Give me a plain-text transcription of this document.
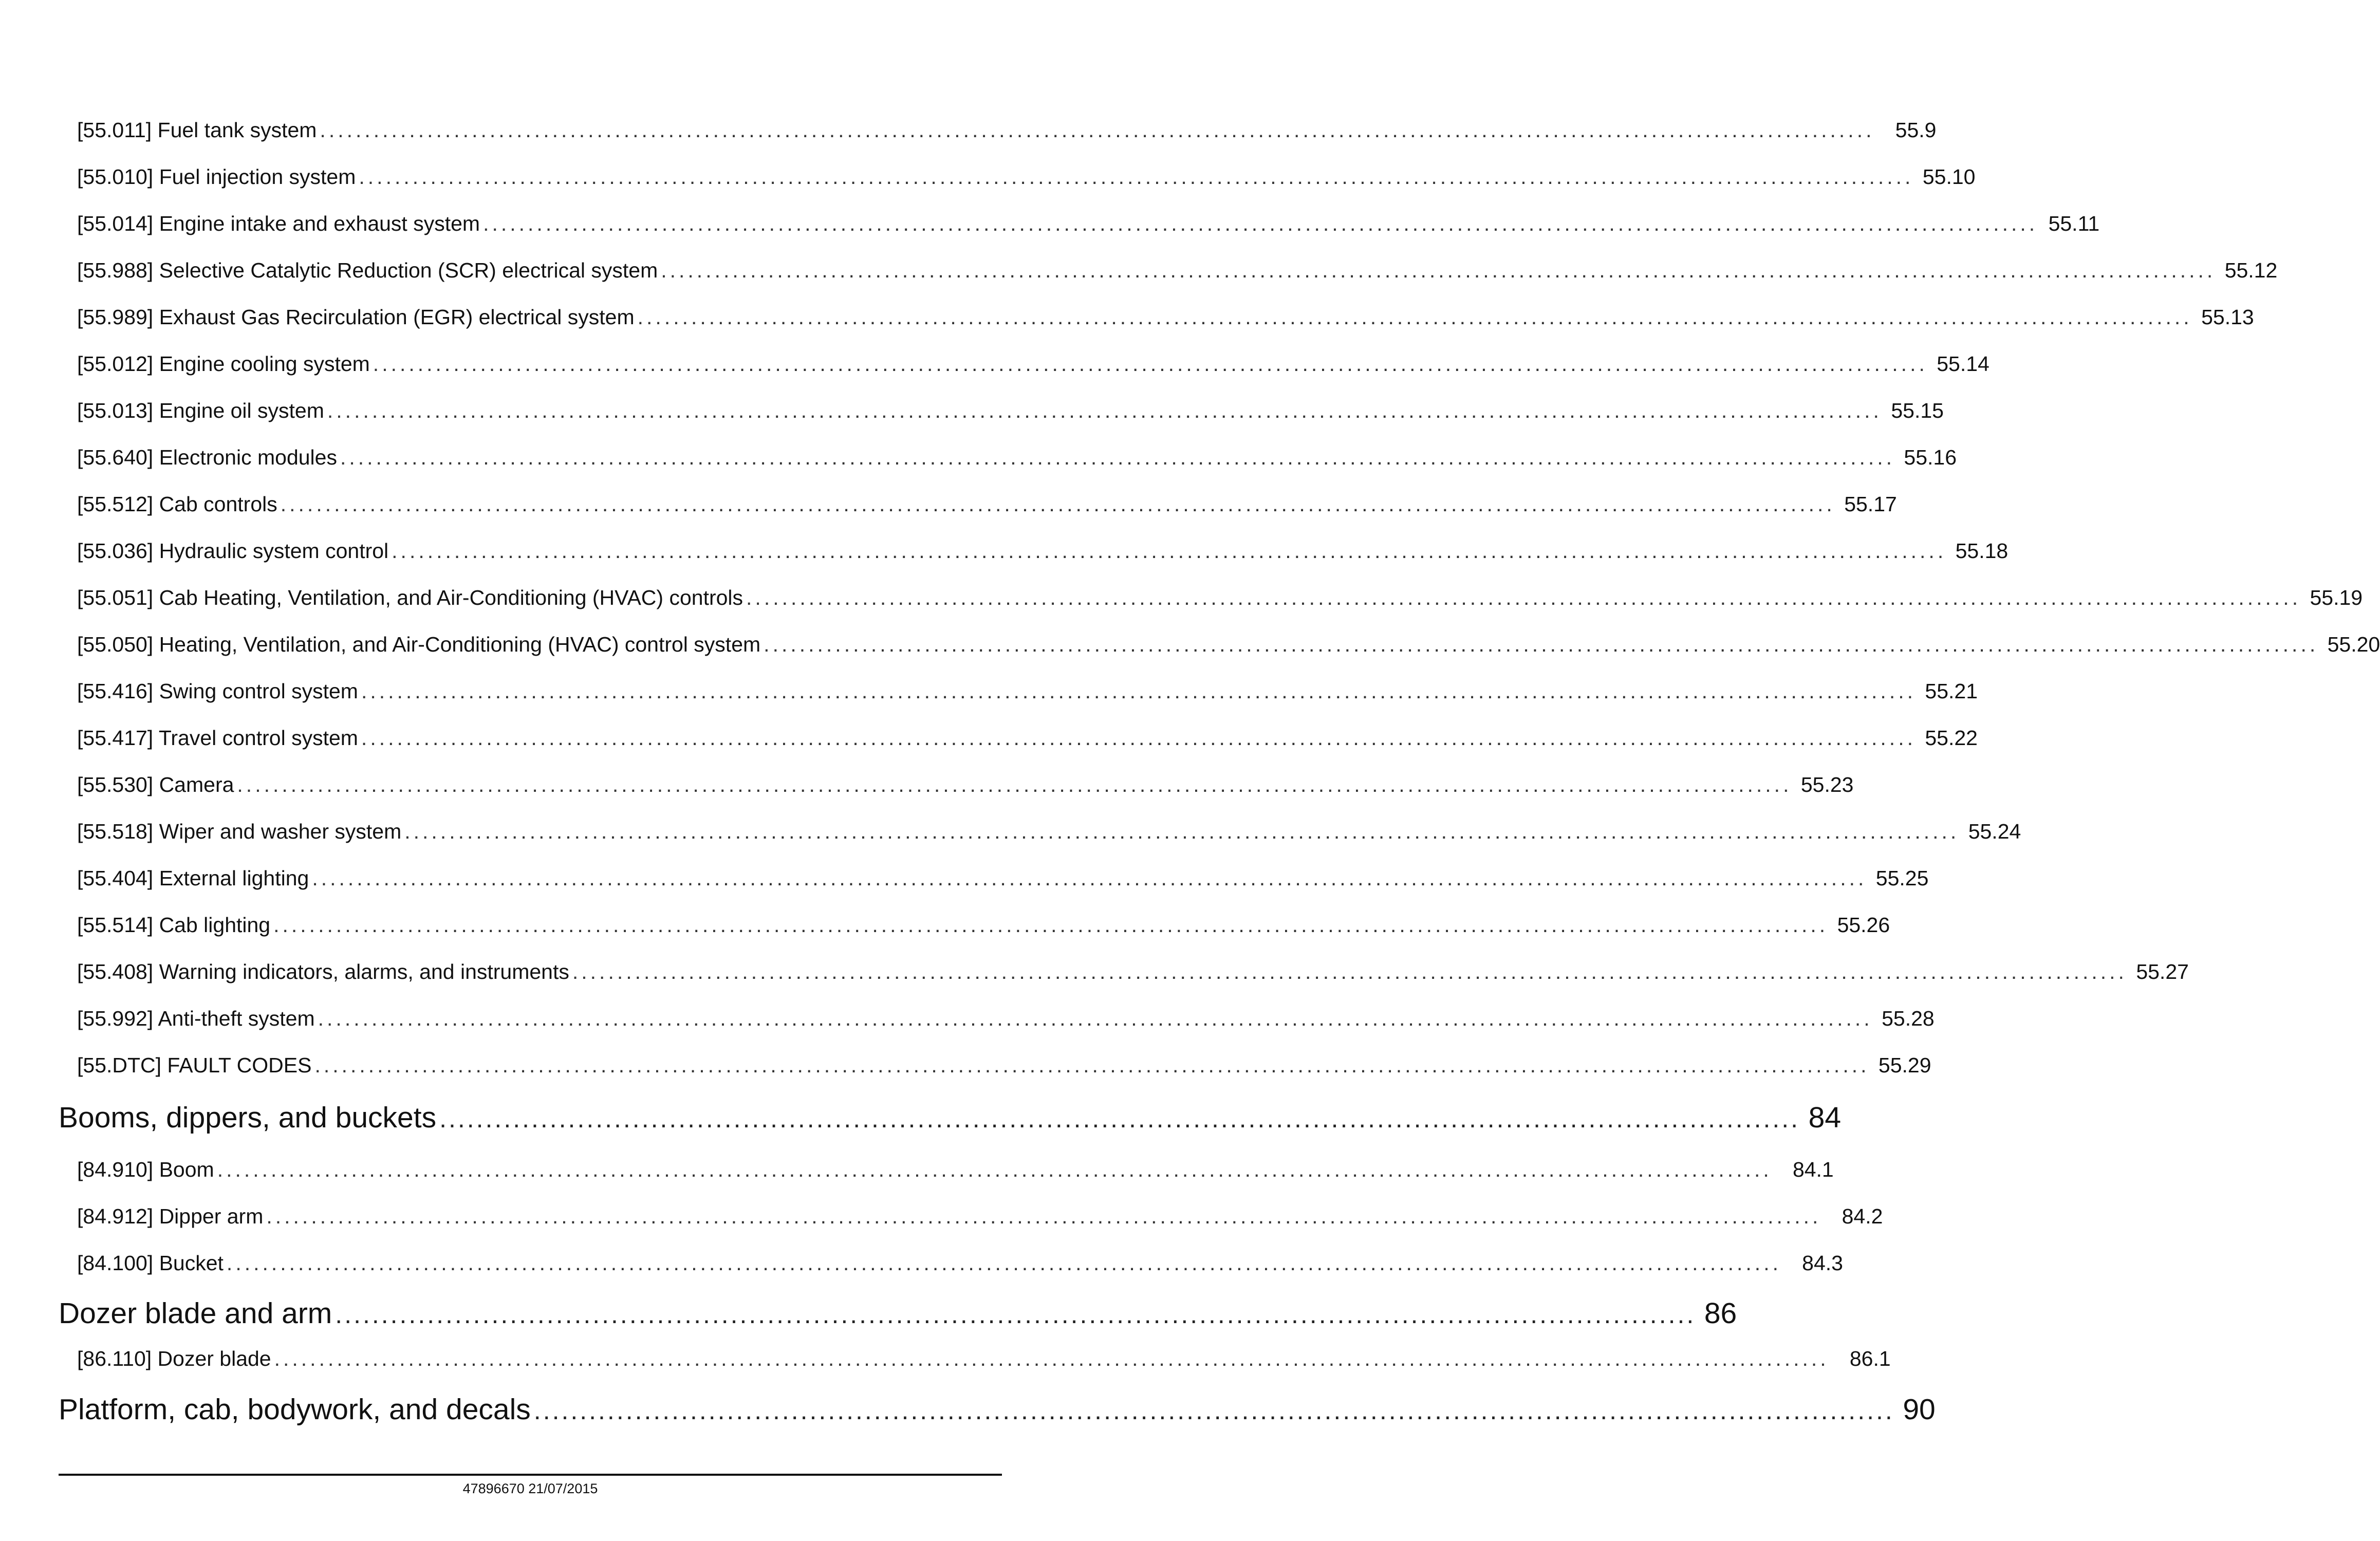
[55.011] Fuel tank system .............................................................................................................................................................................. 55.9
[55.010] Fuel injection system .............................................................................................................................................................................. 55.10
[55.014] Engine intake and exhaust system .............................................................................................................................................................................. 55.11
[55.988] Selective Catalytic Reduction (SCR) electrical system .............................................................................................................................................................................. 55.12
[55.989] Exhaust Gas Recirculation (EGR) electrical system .............................................................................................................................................................................. 55.13
[55.012] Engine cooling system .............................................................................................................................................................................. 55.14
[55.013] Engine oil system .............................................................................................................................................................................. 55.15
[55.640] Electronic modules .............................................................................................................................................................................. 55.16
[55.512] Cab controls .............................................................................................................................................................................. 55.17
[55.036] Hydraulic system control .............................................................................................................................................................................. 55.18
[55.051] Cab Heating, Ventilation, and Air-Conditioning (HVAC) controls .............................................................................................................................................................................. 55.19
[55.050] Heating, Ventilation, and Air-Conditioning (HVAC) control system .............................................................................................................................................................................. 55.20
[55.416] Swing control system .............................................................................................................................................................................. 55.21
[55.417] Travel control system .............................................................................................................................................................................. 55.22
[55.530] Camera .............................................................................................................................................................................. 55.23
[55.518] Wiper and washer system .............................................................................................................................................................................. 55.24
[55.404] External lighting .............................................................................................................................................................................. 55.25
[55.514] Cab lighting .............................................................................................................................................................................. 55.26
[55.408] Warning indicators, alarms, and instruments .............................................................................................................................................................................. 55.27
[55.992] Anti-theft system .............................................................................................................................................................................. 55.28
[55.DTC] FAULT CODES .............................................................................................................................................................................. 55.29
Booms, dippers, and buckets .................................................................................................................................................... 84
[84.910] Boom .............................................................................................................................................................................. 84.1
[84.912] Dipper arm .............................................................................................................................................................................. 84.2
[84.100] Bucket .............................................................................................................................................................................. 84.3
Dozer blade and arm .................................................................................................................................................... 86
[86.110] Dozer blade .............................................................................................................................................................................. 86.1
Platform, cab, bodywork, and decals .................................................................................................................................................... 90
47896670 21/07/2015
